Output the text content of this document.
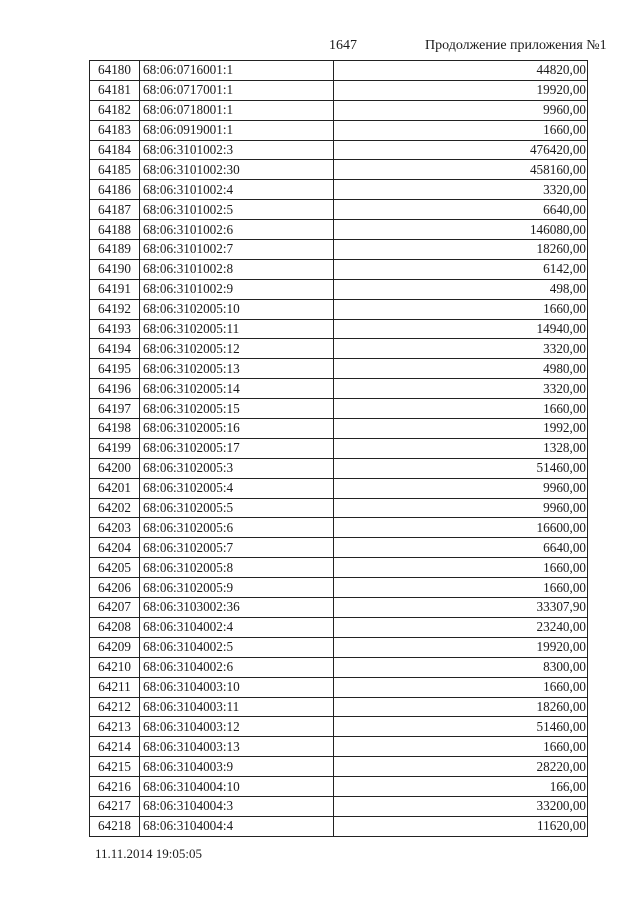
1647	Продолжение приложения №1
64180	68:06:0716001:1	44820,00
64181	68:06:0717001:1	19920,00
64182	68:06:0718001:1	9960,00
64183	68:06:0919001:1	1660,00
64184	68:06:3101002:3	476420,00
64185	68:06:3101002:30	458160,00
64186	68:06:3101002:4	3320,00
64187	68:06:3101002:5	6640,00
64188	68:06:3101002:6	146080,00
64189	68:06:3101002:7	18260,00
64190	68:06:3101002:8	6142,00
64191	68:06:3101002:9	498,00
64192	68:06:3102005:10	1660,00
64193	68:06:3102005:11	14940,00
64194	68:06:3102005:12	3320,00
64195	68:06:3102005:13	4980,00
64196	68:06:3102005:14	3320,00
64197	68:06:3102005:15	1660,00
64198	68:06:3102005:16	1992,00
64199	68:06:3102005:17	1328,00
64200	68:06:3102005:3	51460,00
64201	68:06:3102005:4	9960,00
64202	68:06:3102005:5	9960,00
64203	68:06:3102005:6	16600,00
64204	68:06:3102005:7	6640,00
64205	68:06:3102005:8	1660,00
64206	68:06:3102005:9	1660,00
64207	68:06:3103002:36	33307,90
64208	68:06:3104002:4	23240,00
64209	68:06:3104002:5	19920,00
64210	68:06:3104002:6	8300,00
64211	68:06:3104003:10	1660,00
64212	68:06:3104003:11	18260,00
64213	68:06:3104003:12	51460,00
64214	68:06:3104003:13	1660,00
64215	68:06:3104003:9	28220,00
64216	68:06:3104004:10	166,00
64217	68:06:3104004:3	33200,00
64218	68:06:3104004:4	11620,00
11.11.2014 19:05:05
